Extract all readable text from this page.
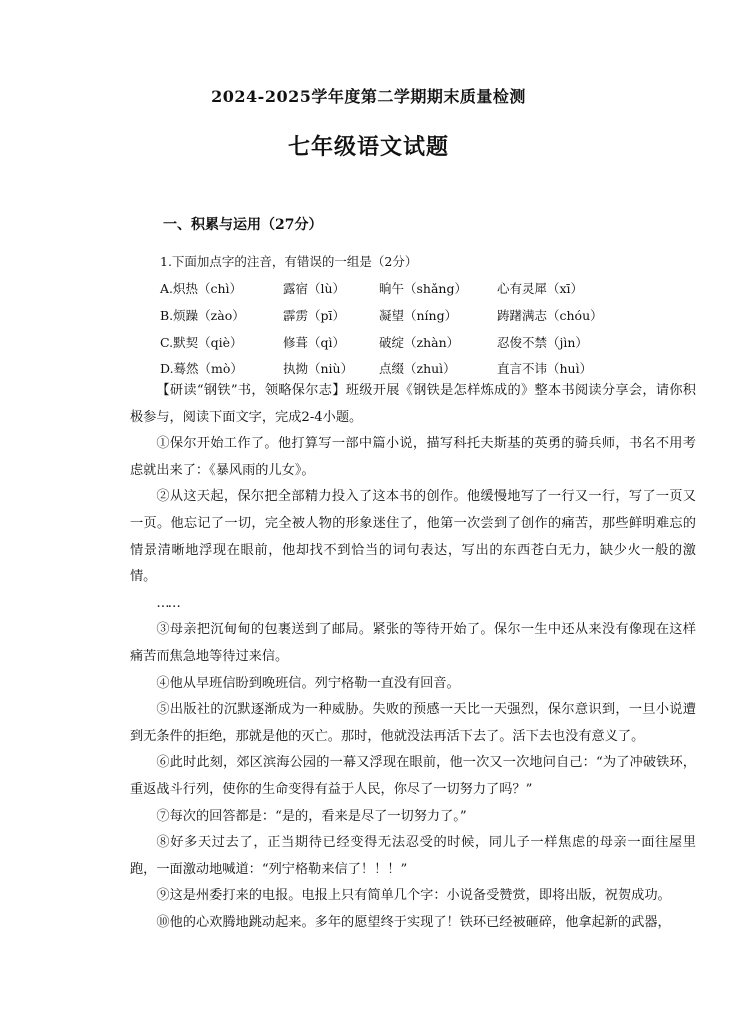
2024-2025学年度第二学期期末质量检测
七年级语文试题
一、积累与运用（27分）
1.下面加点字的注音，有错误的一组是（2分）
A.炽热（chì）	露宿（lù）	晌午（shǎng） 心有灵犀（xī）
B.烦躁（zào）	霹雳（pī）	凝望（níng）	踌躇满志（chóu）
C.默契（qiè）	修葺（qì）	破绽（zhàn）	忍俊不禁（jìn）
D.蓦然（mò）	执拗（niù） 点缀（zhuì）	直言不讳（huì）

【研读“钢铁”书，领略保尔志】班级开展《钢铁是怎样炼成的》整本书阅读分享会，请你积极参与，阅读下面文字，完成2-4小题。

①保尔开始工作了。他打算写一部中篇小说，描写科托夫斯基的英勇的骑兵师，书名不用考虑就出来了：《暴风雨的儿女》。

②从这天起，保尔把全部精力投入了这本书的创作。他缓慢地写了一行又一行，写了一页又一页。他忘记了一切，完全被人物的形象迷住了，他第一次尝到了创作的痛苦，那些鲜明难忘的情景清晰地浮现在眼前，他却找不到恰当的词句表达，写出的东西苍白无力，缺少火一般的激情。

……

③母亲把沉甸甸的包裹送到了邮局。紧张的等待开始了。保尔一生中还从来没有像现在这样痛苦而焦急地等待过来信。

④他从早班信盼到晚班信。列宁格勒一直没有回音。

⑤出版社的沉默逐渐成为一种威胁。失败的预感一天比一天强烈，保尔意识到，一旦小说遭到无条件的拒绝，那就是他的灭亡。那时，他就没法再活下去了。活下去也没有意义了。

⑥此时此刻，郊区滨海公园的一幕又浮现在眼前，他一次又一次地问自己：“为了冲破铁环，重返战斗行列，使你的生命变得有益于人民，你尽了一切努力了吗？”

⑦每次的回答都是：“是的，看来是尽了一切努力了。”

⑧好多天过去了，正当期待已经变得无法忍受的时候，同儿子一样焦虑的母亲一面往屋里跑，一面激动地喊道：“列宁格勒来信了！！！”

⑨这是州委打来的电报。电报上只有简单几个字：小说备受赞赏，即将出版，祝贺成功。

⑩他的心欢腾地跳动起来。多年的愿望终于实现了！铁环已经被砸碎，他拿起新的武器，
